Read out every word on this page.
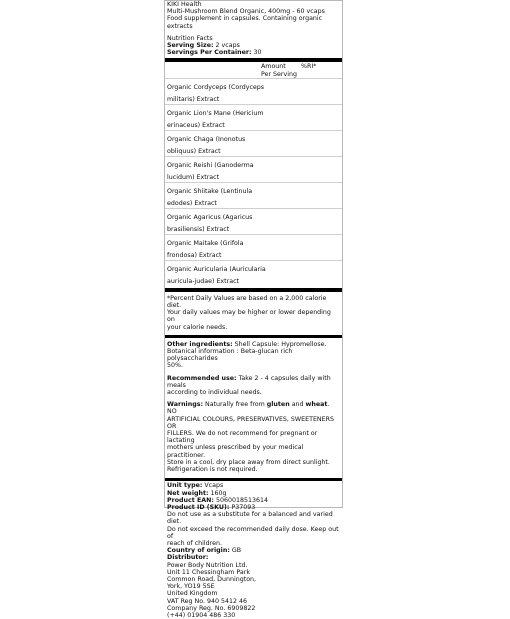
KIKI Health
Multi-Mushroom Blend Organic, 400mg - 60 vcaps
Food supplement in capsules. Containing organic extracts
Nutrition Facts
Serving Size: 2 vcaps
Servings Per Container: 30
Amount
Per Serving
%RI*
Organic Cordyceps (Cordyceps
militaris) Extract
Organic Lion's Mane (Hericium
erinaceus) Extract
Organic Chaga (Inonotus
obliquus) Extract
Organic Reishi (Ganoderma
lucidum) Extract
Organic Shiitake (Lentinula
edodes) Extract
Organic Agaricus (Agaricus
brasiliensis) Extract
Organic Maitake (Grifola
frondosa) Extract
Organic Auricularia (Auricularia
auricula-judae) Extract
*Percent Daily Values are based on a 2,000 calorie diet.
Your daily values may be higher or lower depending on
your calorie needs.
Other ingredients: Shell Capsule: Hypromellose.
Botanical information : Beta-glucan rich polysaccharides
50%.
Recommended use: Take 2 - 4 capsules daily with meals
according to individual needs.
Warnings: Naturally free from gluten and wheat. NO
ARTIFICIAL COLOURS, PRESERVATIVES, SWEETENERS OR
FILLERS. We do not recommend for pregnant or lactating
mothers unless prescribed by your medical practitioner.
Store in a cool, dry place away from direct sunlight.
Refrigeration is not required.
Unit type: Vcaps
Net weight: 160g
Product EAN: 5060018513614
Product ID (SKU): P37093
Do not use as a substitute for a balanced and varied diet.
Do not exceed the recommended daily dose. Keep out of
reach of children.
Country of origin: GB
Distributor:
Power Body Nutrition Ltd.
Unit 11 Chessingham Park
Common Road, Dunnington,
York, YO19 5SE
United Kingdom
VAT Reg No. 940 5412 46
Company Reg. No. 6909822
(+44) 01904 486 330
